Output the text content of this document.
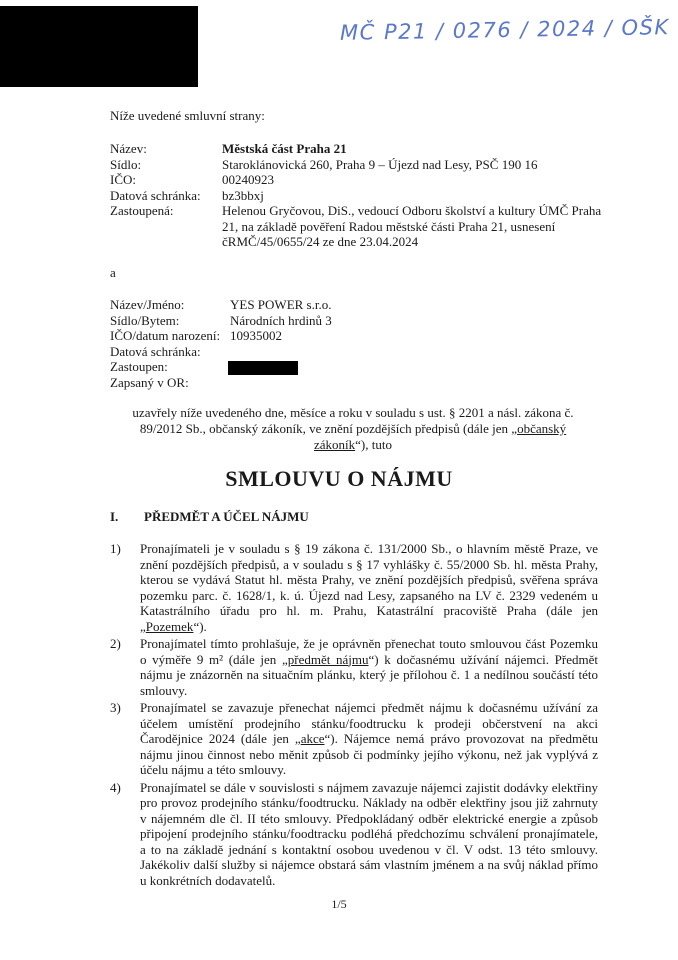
MČ P21 / 0276 / 2024 / OŠK
Níže uvedené smluvní strany:
Název:	Městská část Praha 21
Sídlo:	Staroklánovická 260, Praha 9 – Újezd nad Lesy, PSČ 190 16
IČO:	00240923
Datová schránka:	bz3bbxj
Zastoupená:	Helenou Gryčovou, DiS., vedoucí Odboru školství a kultury ÚMČ Praha 21, na základě pověření Radou městské části Praha 21, usnesení čRMČ/45/0655/24 ze dne 23.04.2024
a
Název/Jméno:	YES POWER s.r.o.
Sídlo/Bytem:	Národních hrdinů 3
IČO/datum narození: 10935002
Datová schránka:
Zastoupen:
Zapsaný v OR:
uzavřely níže uvedeného dne, měsíce a roku v souladu s ust. § 2201 a násl. zákona č. 89/2012 Sb., občanský zákoník, ve znění pozdějších předpisů (dále jen „občanský zákoník“), tuto
SMLOUVU O NÁJMU
I. PŘEDMĚT A ÚČEL NÁJMU
1)	Pronajímateli je v souladu s § 19 zákona č. 131/2000 Sb., o hlavním městě Praze, ve znění pozdějších předpisů, a v souladu s § 17 vyhlášky č. 55/2000 Sb. hl. města Prahy, kterou se vydává Statut hl. města Prahy, ve znění pozdějších předpisů, svěřena správa pozemku parc. č. 1628/1, k. ú. Újezd nad Lesy, zapsaného na LV č. 2329 vedeném u Katastrálního úřadu pro hl. m. Prahu, Katastrální pracoviště Praha (dále jen „Pozemek“).
2)	Pronajímatel tímto prohlašuje, že je oprávněn přenechat touto smlouvou část Pozemku o výměře 9 m² (dále jen „předmět nájmu“) k dočasnému užívání nájemci. Předmět nájmu je znázorněn na situačním plánku, který je přílohou č. 1 a nedílnou součástí této smlouvy.
3)	Pronajímatel se zavazuje přenechat nájemci předmět nájmu k dočasnému užívání za účelem umístění prodejního stánku/foodtrucku k prodeji občerstvení na akci Čarodějnice 2024 (dále jen „akce“). Nájemce nemá právo provozovat na předmětu nájmu jinou činnost nebo měnit způsob či podmínky jejího výkonu, než jak vyplývá z účelu nájmu a této smlouvy.
4)	Pronajímatel se dále v souvislosti s nájmem zavazuje nájemci zajistit dodávky elektřiny pro provoz prodejního stánku/foodtrucku. Náklady na odběr elektřiny jsou již zahrnuty v nájemném dle čl. II této smlouvy. Předpokládaný odběr elektrické energie a způsob připojení prodejního stánku/foodtracku podléhá předchozímu schválení pronajímatele, a to na základě jednání s kontaktní osobou uvedenou v čl. V odst. 13 této smlouvy. Jakékoliv další služby si nájemce obstará sám vlastním jménem a na svůj náklad přímo u konkrétních dodavatelů.
1/5
